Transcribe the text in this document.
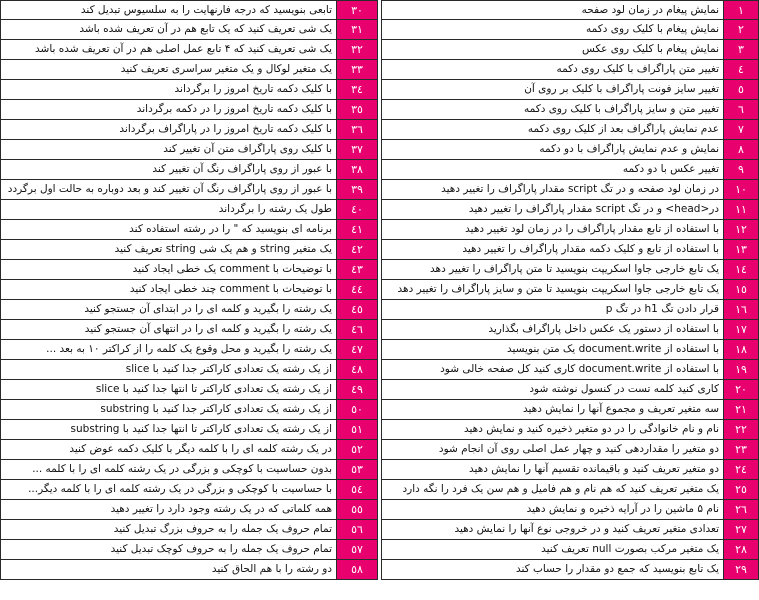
تابعی بنویسید که درجه فارنهایت را به سلسیوس تبدیل کند	٣٠
یک شی تعریف کنید که یک تابع هم در آن تعریف شده باشد	٣١
یک شی تعریف کنید که ۴ تابع عمل اصلی هم در آن تعریف شده باشد	٣٢
یک متغیر لوکال و یک متغیر سراسری تعریف کنید	٣٣
با کلیک دکمه تاریخ امروز را برگرداند	٣٤
با کلیک دکمه تاریخ امروز را در دکمه برگرداند	٣٥
با کلیک دکمه تاریخ امروز را در پاراگراف برگرداند	٣٦
با کلیک روی پاراگراف متن آن تغییر کند	٣٧
با عبور از روی پاراگراف رنگ آن تغییر کند	٣٨
با عبور از روی پاراگراف رنگ آن تغییر کند و بعد دوباره به حالت اول برگردد	٣٩
طول یک رشته را برگرداند	٤٠
برنامه ای بنویسید که " را در رشته استفاده کند	٤١
یک متغیر string و هم یک شی string تعریف کنید	٤٢
با توضیحات با comment یک خطی ایجاد کنید	٤٣
با توضیحات با comment چند خطی ایجاد کنید	٤٤
یک رشته را بگیرید و کلمه ای را در ابتدای آن جستجو کنید	٤٥
یک رشته را بگیرید و کلمه ای را در انتهای آن جستجو کنید	٤٦
یک رشته را بگیرید و محل وقوع یک کلمه را از کراکتر ۱۰ به بعد ...	٤٧
از یک رشته یک تعدادی کاراکتر جدا کنید با slice	٤٨
از یک رشته یک تعدادی کاراکتر تا انتها جدا کنید با slice	٤٩
از یک رشته یک تعدادی کاراکتر جدا کنید با substring	٥٠
از یک رشته یک تعدادی کاراکتر تا انتها جدا کنید با substring	٥١
در یک رشته کلمه ای را با کلمه دیگر با کلیک دکمه عوض کنید	٥٢
بدون حساسیت با کوچکی و بزرگی در یک رشته کلمه ای را با کلمه ...	٥٣
با حساسیت با کوچکی و بزرگی در یک رشته کلمه ای را با کلمه دیگر...	٥٤
همه کلماتی که در یک رشته وجود دارد را تغییر دهید	٥٥
تمام حروف یک جمله را به حروف بزرگ تبدیل کنید	٥٦
تمام حروف یک جمله را به حروف کوچک تبدیل کنید	٥٧
دو رشته را با هم الحاق کنید	٥٨
نمایش پیغام در زمان لود صفحه	١
نمایش پیغام با کلیک روی دکمه	٢
نمایش پیغام با کلیک روی عکس	٣
تغییر متن پاراگراف با کلیک روی دکمه	٤
تغییر سایز فونت پاراگراف با کلیک بر روی آن	٥
تغییر متن و سایز پاراگراف با کلیک روی دکمه	٦
عدم نمایش پاراگراف بعد از کلیک روی دکمه	٧
نمایش و عدم نمایش پاراگراف با دو دکمه	٨
تغییر عکس با دو دکمه	٩
در زمان لود صفحه و در تگ script مقدار پاراگراف را تغییر دهید	١٠
در<head> و در تگ script مقدار پاراگراف را تغییر دهید	١١
با استفاده از تابع مقدار پاراگراف را در زمان لود تغییر دهید	١٢
با استفاده از تابع و کلیک دکمه مقدار پاراگراف را تغییر دهید	١٣
یک تابع خارجی جاوا اسکریپت بنویسید تا متن پاراگراف را تغییر دهد	١٤
یک تابع خارجی جاوا اسکریپت بنویسید تا متن و سایز پاراگراف را تغییر دهد	١٥
قرار دادن تگ h1 در تگ p	١٦
با استفاده از دستور یک عکس داخل پاراگراف بگذارید	١٧
با استفاده از document.write یک متن بنویسید	١٨
با استفاده از document.write کاری کنید کل صفحه خالی شود	١٩
کاری کنید کلمه تست در کنسول نوشته شود	٢٠
سه متغیر تعریف و مجموع آنها را نمایش دهید	٢١
نام و نام خانوادگی را در دو متغیر ذخیره کنید و نمایش دهید	٢٢
دو متغیر را مقداردهی کنید و چهار عمل اصلی روی آن انجام شود	٢٣
دو متغیر تعریف کنید و باقیمانده تقسیم آنها را نمایش دهید	٢٤
یک متغیر تعریف کنید که هم نام و هم فامیل و هم سن یک فرد را نگه دارد	٢٥
نام ۵ ماشین را در آرایه ذخیره و نمایش دهید	٢٦
تعدادی متغیر تعریف کنید و در خروجی نوع آنها را نمایش دهید	٢٧
یک متغیر مرکب بصورت null تعریف کنید	٢٨
یک تابع بنویسید که جمع دو مقدار را حساب کند	٢٩
